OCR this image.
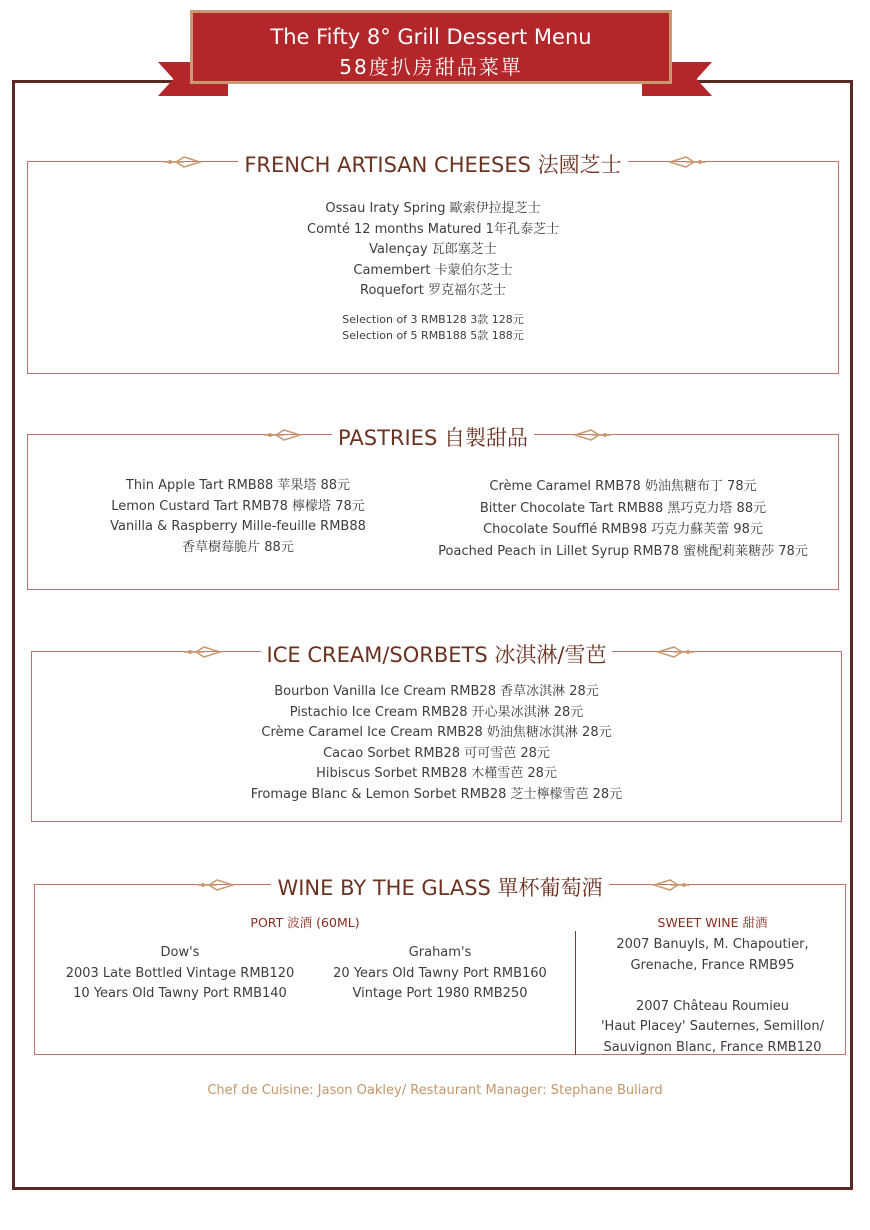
The Fifty 8° Grill Dessert Menu
58度扒房甜品菜單
FRENCH ARTISAN CHEESES 法國芝士
Ossau Iraty Spring 歐索伊拉提芝士
Comté 12 months Matured 1年孔泰芝士
Valençay 瓦郎塞芝士
Camembert 卡蒙伯尔芝士
Roquefort 罗克福尔芝士
Selection of 3 RMB128 3款 128元
Selection of 5 RMB188 5款 188元
PASTRIES 自製甜品
Thin Apple Tart RMB88 苹果塔 88元
Lemon Custard Tart RMB78 檸檬塔 78元
Vanilla & Raspberry Mille-feuille RMB88
香草樹莓脆片 88元
Crème Caramel RMB78 奶油焦糖布丁 78元
Bitter Chocolate Tart RMB88 黑巧克力塔 88元
Chocolate Soufflé RMB98 巧克力蘇芙蕾 98元
Poached Peach in Lillet Syrup RMB78 蜜桃配莉莱糖莎 78元
ICE CREAM/SORBETS 冰淇淋/雪芭
Bourbon Vanilla Ice Cream RMB28 香草冰淇淋 28元
Pistachio Ice Cream RMB28 开心果冰淇淋 28元
Crème Caramel Ice Cream RMB28 奶油焦糖冰淇淋 28元
Cacao Sorbet RMB28 可可雪芭 28元
Hibiscus Sorbet RMB28 木槿雪芭 28元
Fromage Blanc & Lemon Sorbet RMB28 芝士檸檬雪芭 28元
WINE BY THE GLASS 單杯葡萄酒
PORT 波酒 (60ML)
Dow's
2003 Late Bottled Vintage RMB120
10 Years Old Tawny Port RMB140
Graham's
20 Years Old Tawny Port RMB160
Vintage Port 1980 RMB250
SWEET WINE 甜酒
2007 Banuyls, M. Chapoutier,
Grenache, France RMB95
2007 Château Roumieu
'Haut Placey' Sauternes, Semillon/
Sauvignon Blanc, France RMB120
Chef de Cuisine: Jason Oakley/ Restaurant Manager: Stephane Buliard
